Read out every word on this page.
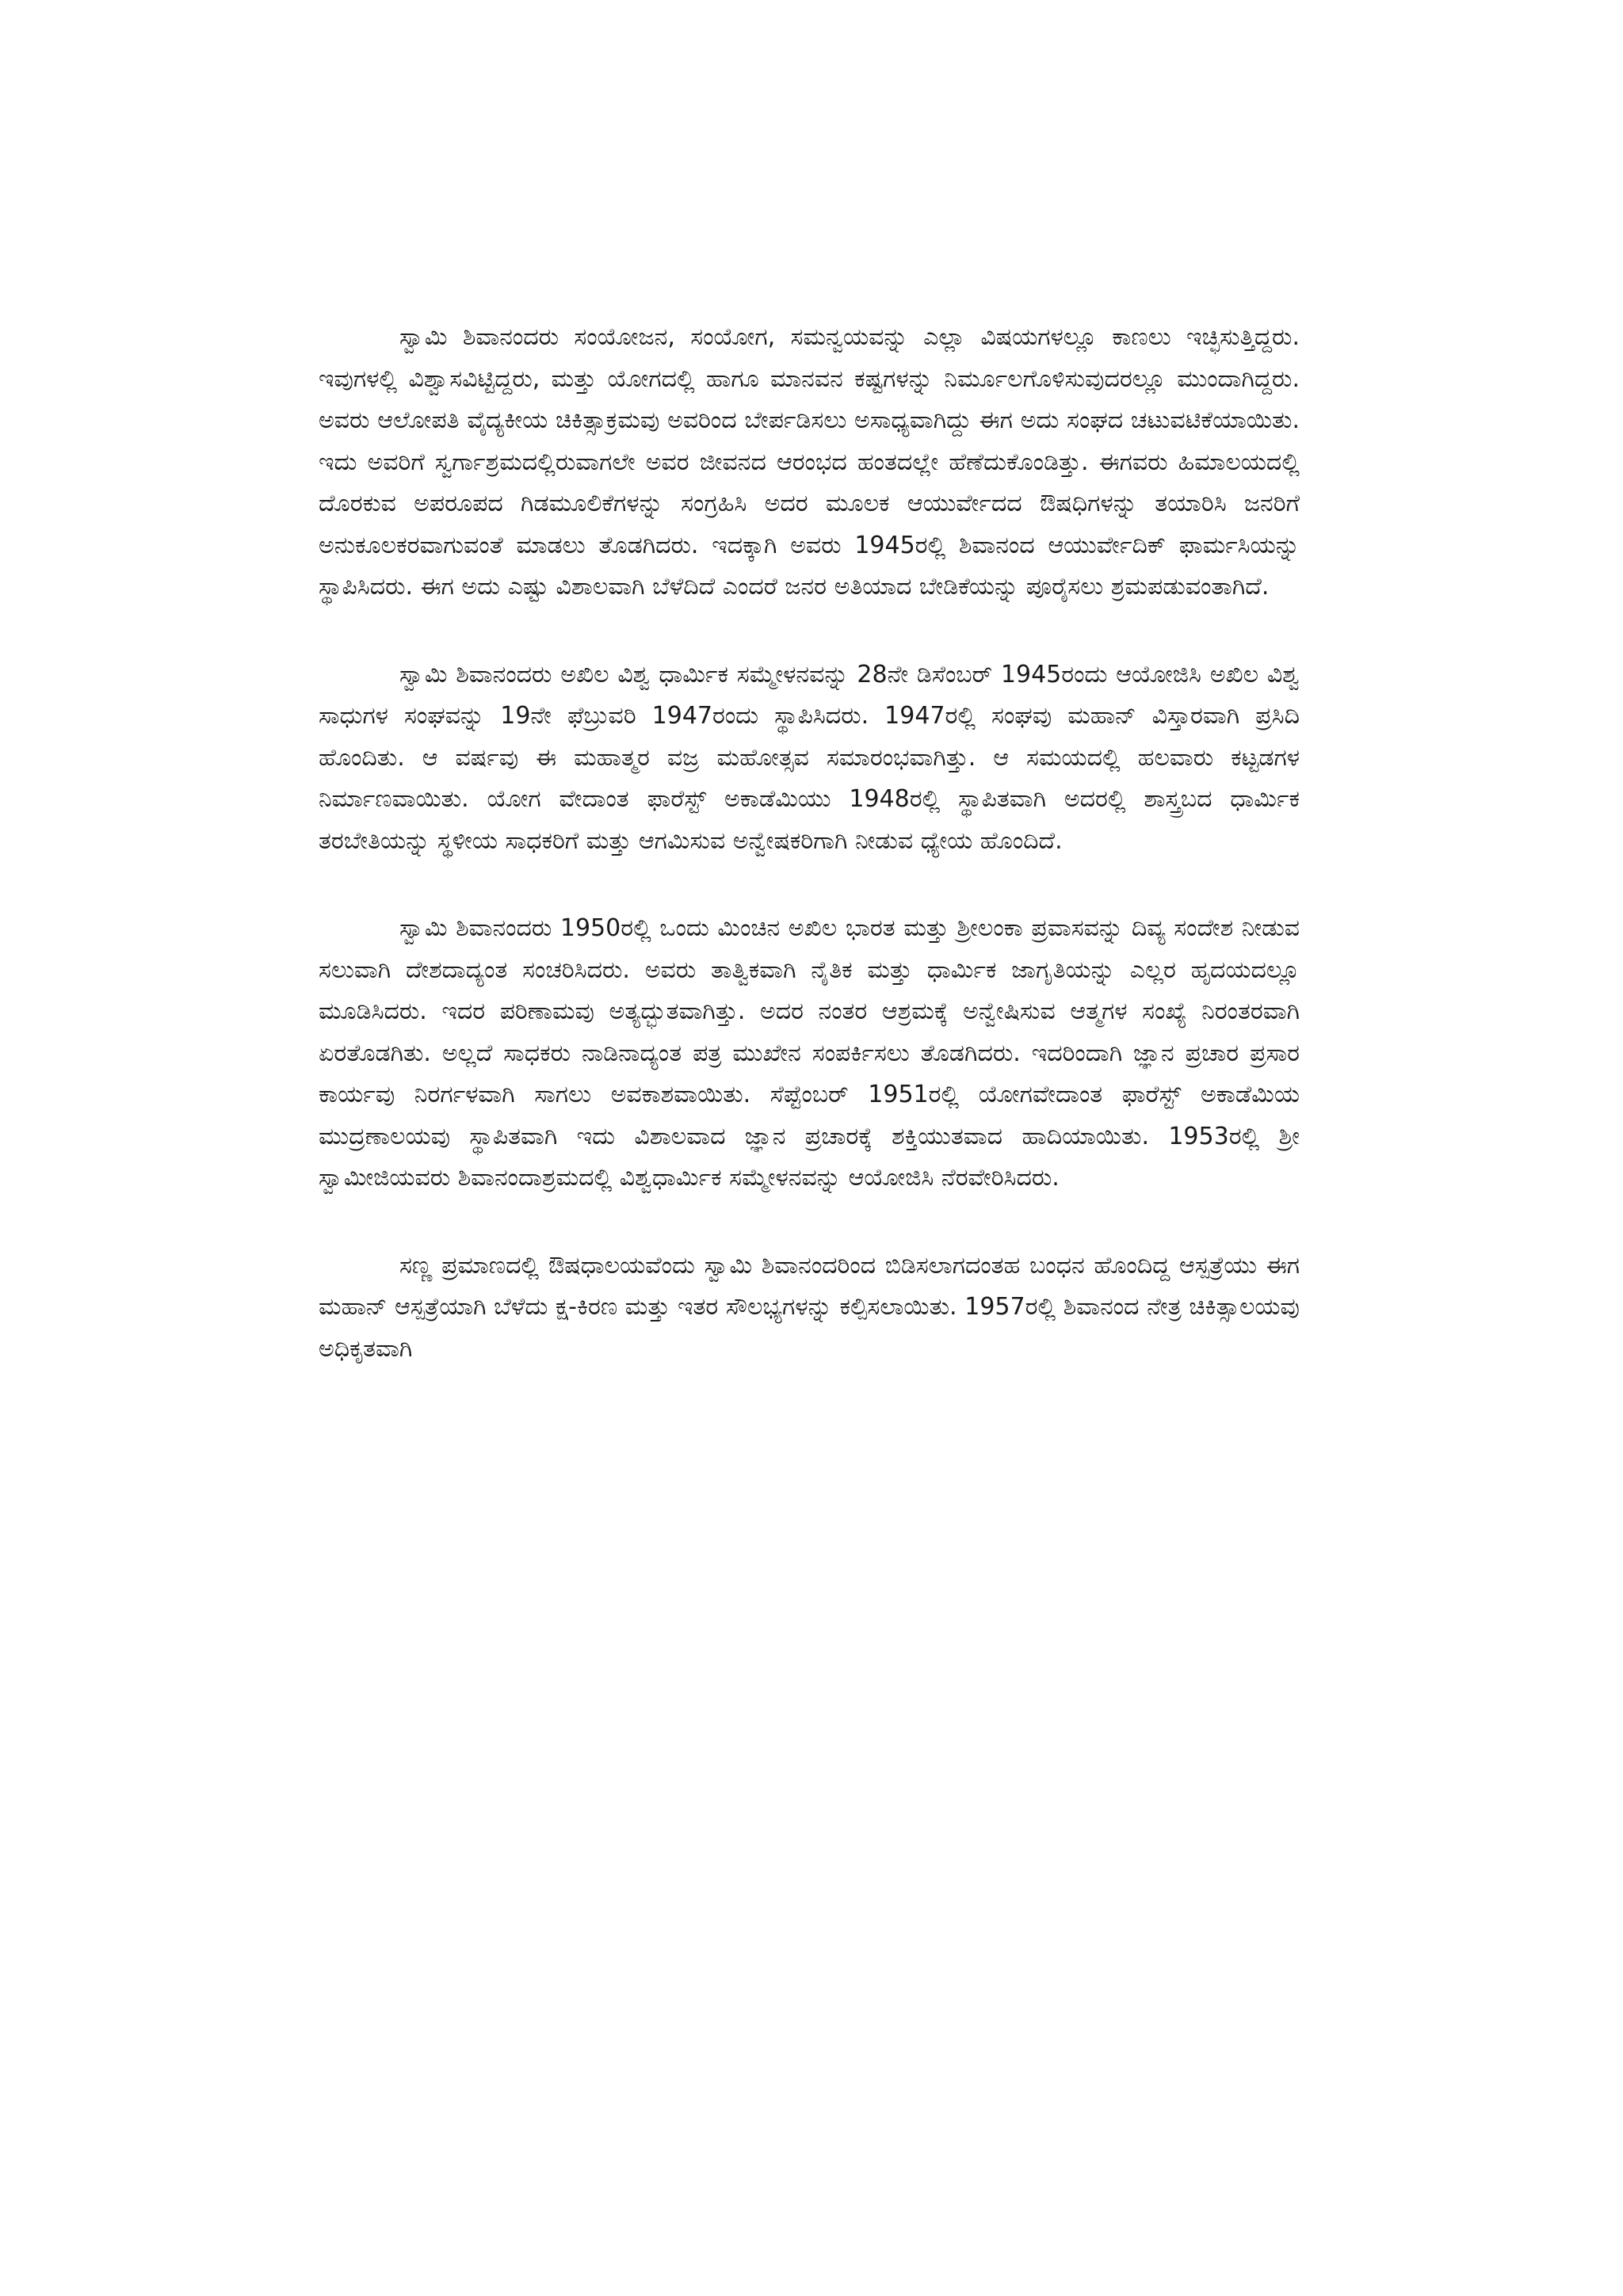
ಸ್ವಾಮಿ ಶಿವಾನಂದರು ಸಂಯೋಜನ, ಸಂಯೋಗ, ಸಮನ್ವಯವನ್ನು ಎಲ್ಲಾ ವಿಷಯಗಳಲ್ಲೂ ಕಾಣಲು ಇಚ್ಛಿಸುತ್ತಿದ್ದರು. ಇವುಗಳಲ್ಲಿ ವಿಶ್ವಾಸವಿಟ್ಟಿದ್ದರು, ಮತ್ತು ಯೋಗದಲ್ಲಿ ಹಾಗೂ ಮಾನವನ ಕಷ್ಟಗಳನ್ನು ನಿರ್ಮೂಲಗೊಳಿಸುವುದರಲ್ಲೂ ಮುಂದಾಗಿದ್ದರು. ಅವರು ಆಲೋಪತಿ ವೈದ್ಯಕೀಯ ಚಿಕಿತ್ಸಾಕ್ರಮವು ಅವರಿಂದ ಬೇರ್ಪಡಿಸಲು ಅಸಾಧ್ಯವಾಗಿದ್ದು ಈಗ ಅದು ಸಂಘದ ಚಟುವಟಿಕೆಯಾಯಿತು. ಇದು ಅವರಿಗೆ ಸ್ವರ್ಗಾಶ್ರಮದಲ್ಲಿರುವಾಗಲೇ ಅವರ ಜೀವನದ ಆರಂಭದ ಹಂತದಲ್ಲೇ ಹೆಣೆದುಕೊಂಡಿತ್ತು. ಈಗವರು ಹಿಮಾಲಯದಲ್ಲಿ ದೊರಕುವ ಅಪರೂಪದ ಗಿಡಮೂಲಿಕೆಗಳನ್ನು ಸಂಗ್ರಹಿಸಿ ಅದರ ಮೂಲಕ ಆಯುರ್ವೇದದ ಔಷಧಿಗಳನ್ನು ತಯಾರಿಸಿ ಜನರಿಗೆ ಅನುಕೂಲಕರವಾಗುವಂತೆ ಮಾಡಲು ತೊಡಗಿದರು. ಇದಕ್ಕಾಗಿ ಅವರು 1945ರಲ್ಲಿ ಶಿವಾನಂದ ಆಯುರ್ವೇದಿಕ್ ಫಾರ್ಮಸಿಯನ್ನು ಸ್ಥಾಪಿಸಿದರು. ಈಗ ಅದು ಎಷ್ಟು ವಿಶಾಲವಾಗಿ ಬೆಳೆದಿದೆ ಎಂದರೆ ಜನರ ಅತಿಯಾದ ಬೇಡಿಕೆಯನ್ನು ಪೂರೈಸಲು ಶ್ರಮಪಡುವಂತಾಗಿದೆ.

ಸ್ವಾಮಿ ಶಿವಾನಂದರು ಅಖಿಲ ವಿಶ್ವ ಧಾರ್ಮಿಕ ಸಮ್ಮೇಳನವನ್ನು 28ನೇ ಡಿಸೆಂಬರ್ 1945ರಂದು ಆಯೋಜಿಸಿ ಅಖಿಲ ವಿಶ್ವ ಸಾಧುಗಳ ಸಂಘವನ್ನು 19ನೇ ಫೆಬ್ರುವರಿ 1947ರಂದು ಸ್ಥಾಪಿಸಿದರು. 1947ರಲ್ಲಿ ಸಂಘವು ಮಹಾನ್ ವಿಸ್ತಾರವಾಗಿ ಪ್ರಸಿದಿ ಹೊಂದಿತು. ಆ ವರ್ಷವು ಈ ಮಹಾತ್ಮರ ವಜ್ರ ಮಹೋತ್ಸವ ಸಮಾರಂಭವಾಗಿತ್ತು. ಆ ಸಮಯದಲ್ಲಿ ಹಲವಾರು ಕಟ್ಟಡಗಳ ನಿರ್ಮಾಣವಾಯಿತು. ಯೋಗ ವೇದಾಂತ ಫಾರೆಸ್ಟ್ ಅಕಾಡೆಮಿಯು 1948ರಲ್ಲಿ ಸ್ಥಾಪಿತವಾಗಿ ಅದರಲ್ಲಿ ಶಾಸ್ತ್ರಬದ ಧಾರ್ಮಿಕ ತರಬೇತಿಯನ್ನು ಸ್ಥಳೀಯ ಸಾಧಕರಿಗೆ ಮತ್ತು ಆಗಮಿಸುವ ಅನ್ವೇಷಕರಿಗಾಗಿ ನೀಡುವ ಧ್ಯೇಯ ಹೊಂದಿದೆ.

ಸ್ವಾಮಿ ಶಿವಾನಂದರು 1950ರಲ್ಲಿ ಒಂದು ಮಿಂಚಿನ ಅಖಿಲ ಭಾರತ ಮತ್ತು ಶ್ರೀಲಂಕಾ ಪ್ರವಾಸವನ್ನು ದಿವ್ಯ ಸಂದೇಶ ನೀಡುವ ಸಲುವಾಗಿ ದೇಶದಾದ್ಯಂತ ಸಂಚರಿಸಿದರು. ಅವರು ತಾತ್ವಿಕವಾಗಿ ನೈತಿಕ ಮತ್ತು ಧಾರ್ಮಿಕ ಜಾಗೃತಿಯನ್ನು ಎಲ್ಲರ ಹೃದಯದಲ್ಲೂ ಮೂಡಿಸಿದರು. ಇದರ ಪರಿಣಾಮವು ಅತ್ಯದ್ಭುತವಾಗಿತ್ತು. ಅದರ ನಂತರ ಆಶ್ರಮಕ್ಕೆ ಅನ್ವೇಷಿಸುವ ಆತ್ಮಗಳ ಸಂಖ್ಯೆ ನಿರಂತರವಾಗಿ ಏರತೊಡಗಿತು. ಅಲ್ಲದೆ ಸಾಧಕರು ನಾಡಿನಾದ್ಯಂತ ಪತ್ರ ಮುಖೇನ ಸಂಪರ್ಕಿಸಲು ತೊಡಗಿದರು. ಇದರಿಂದಾಗಿ ಜ್ಞಾನ ಪ್ರಚಾರ ಪ್ರಸಾರ ಕಾರ್ಯವು ನಿರರ್ಗಳವಾಗಿ ಸಾಗಲು ಅವಕಾಶವಾಯಿತು. ಸೆಪ್ಟೆಂಬರ್ 1951ರಲ್ಲಿ ಯೋಗವೇದಾಂತ ಫಾರೆಸ್ಟ್ ಅಕಾಡೆಮಿಯ ಮುದ್ರಣಾಲಯವು ಸ್ಥಾಪಿತವಾಗಿ ಇದು ವಿಶಾಲವಾದ ಜ್ಞಾನ ಪ್ರಚಾರಕ್ಕೆ ಶಕ್ತಿಯುತವಾದ ಹಾದಿಯಾಯಿತು. 1953ರಲ್ಲಿ ಶ್ರೀ ಸ್ವಾಮೀಜಿಯವರು ಶಿವಾನಂದಾಶ್ರಮದಲ್ಲಿ ವಿಶ್ವಧಾರ್ಮಿಕ ಸಮ್ಮೇಳನವನ್ನು ಆಯೋಜಿಸಿ ನೆರವೇರಿಸಿದರು.

ಸಣ್ಣ ಪ್ರಮಾಣದಲ್ಲಿ ಔಷಧಾಲಯವೆಂದು ಸ್ವಾಮಿ ಶಿವಾನಂದರಿಂದ ಬಿಡಿಸಲಾಗದಂತಹ ಬಂಧನ ಹೊಂದಿದ್ದ ಆಸ್ಪತ್ರೆಯು ಈಗ ಮಹಾನ್ ಆಸ್ಪತ್ರೆಯಾಗಿ ಬೆಳೆದು ಕ್ಷ-ಕಿರಣ ಮತ್ತು ಇತರ ಸೌಲಭ್ಯಗಳನ್ನು ಕಲ್ಪಿಸಲಾಯಿತು. 1957ರಲ್ಲಿ ಶಿವಾನಂದ ನೇತ್ರ ಚಿಕಿತ್ಸಾಲಯವು ಅಧಿಕೃತವಾಗಿ
